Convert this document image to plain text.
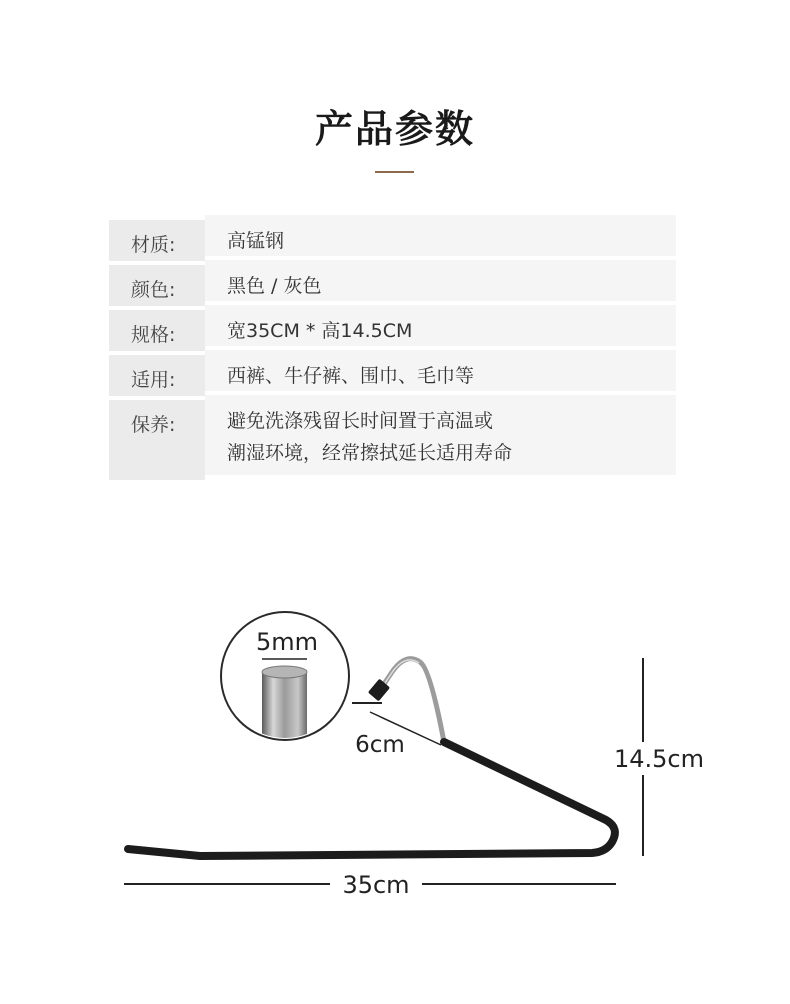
产品参数
材质:	高锰钢
颜色:	黑色 / 灰色
规格:	宽35CM * 高14.5CM
适用:	西裤、牛仔裤、围巾、毛巾等
保养:	避免洗涤残留长时间置于高温或
潮湿环境，经常擦拭延长适用寿命
5mm
6cm	14.5cm
35cm
